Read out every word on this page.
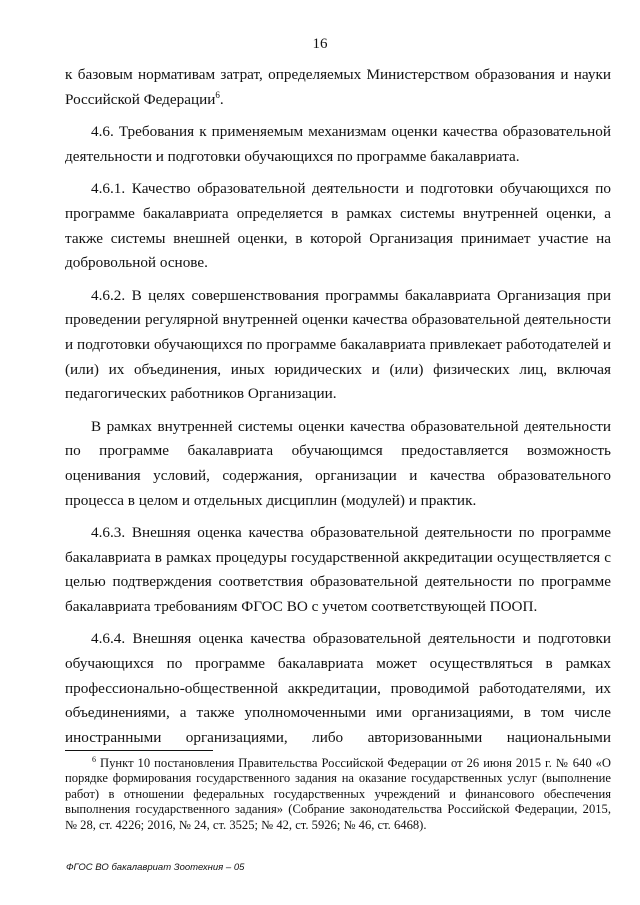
16

к базовым нормативам затрат, определяемых Министерством образования и науки Российской Федерации$^6$.

4.6. Требования к применяемым механизмам оценки качества образовательной деятельности и подготовки обучающихся по программе бакалавриата.

4.6.1. Качество образовательной деятельности и подготовки обучающихся по программе бакалавриата определяется в рамках системы внутренней оценки, а также системы внешней оценки, в которой Организация принимает участие на добровольной основе.

4.6.2. В целях совершенствования программы бакалавриата Организация при проведении регулярной внутренней оценки качества образовательной деятельности и подготовки обучающихся по программе бакалавриата привлекает работодателей и (или) их объединения, иных юридических и (или) физических лиц, включая педагогических работников Организации.

В рамках внутренней системы оценки качества образовательной деятельности по программе бакалавриата обучающимся предоставляется возможность оценивания условий, содержания, организации и качества образовательного процесса в целом и отдельных дисциплин (модулей) и практик.

4.6.3. Внешняя оценка качества образовательной деятельности по программе бакалавриата в рамках процедуры государственной аккредитации осуществляется с целью подтверждения соответствия образовательной деятельности по программе бакалавриата требованиям ФГОС ВО с учетом соответствующей ПООП.

4.6.4. Внешняя оценка качества образовательной деятельности и подготовки обучающихся по программе бакалавриата может осуществляться в рамках профессионально-общественной аккредитации, проводимой работодателями, их объединениями, а также уполномоченными ими организациями, в том числе иностранными организациями, либо авторизованными национальными

$^6$ Пункт 10 постановления Правительства Российской Федерации от 26 июня 2015 г. № 640 «О порядке формирования государственного задания на оказание государственных услуг (выполнение работ) в отношении федеральных государственных учреждений и финансового обеспечения выполнения государственного задания» (Собрание законодательства Российской Федерации, 2015, № 28, ст. 4226; 2016, № 24, ст. 3525; № 42, ст. 5926; № 46, ст. 6468).
ФГОС ВО бакалавриат Зоотехния – 05
